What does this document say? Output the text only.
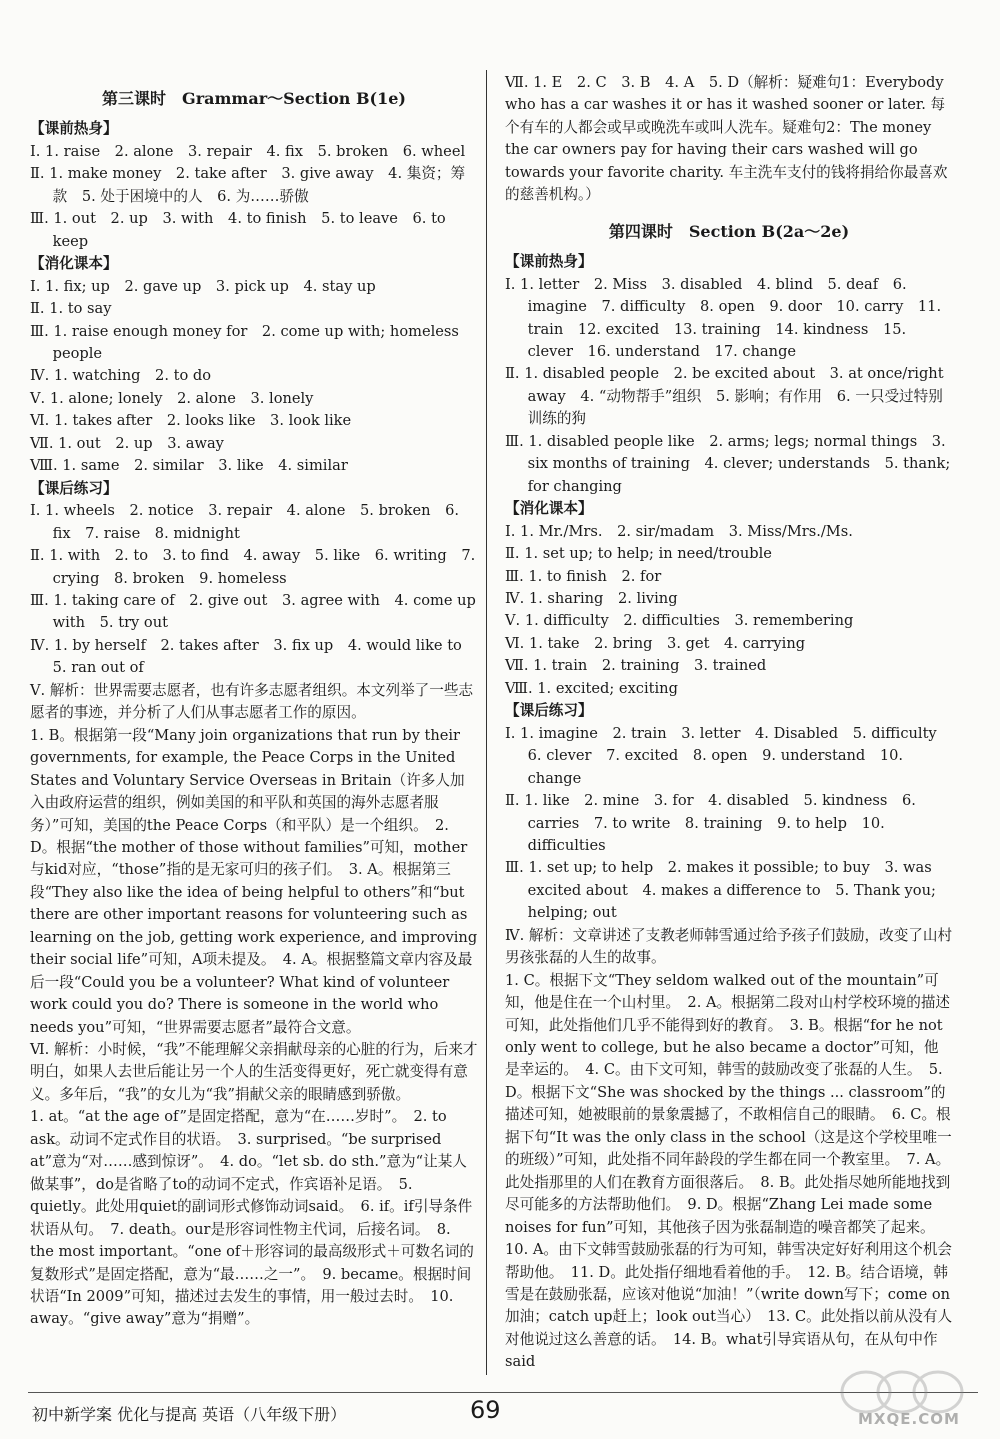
第三课时　Grammar～Section B(1e)

【课前热身】

Ⅰ. 1. raise　2. alone　3. repair　4. fix　5. broken　6. wheel

Ⅱ. 1. make money　2. take after　3. give away　4. 集资；筹款　5. 处于困境中的人　6. 为……骄傲

Ⅲ. 1. out　2. up　3. with　4. to finish　5. to leave　6. to keep

【消化课本】

Ⅰ. 1. fix; up　2. gave up　3. pick up　4. stay up

Ⅱ. 1. to say

Ⅲ. 1. raise enough money for　2. come up with; homeless people

Ⅳ. 1. watching　2. to do

Ⅴ. 1. alone; lonely　2. alone　3. lonely

Ⅵ. 1. takes after　2. looks like　3. look like

Ⅶ. 1. out　2. up　3. away

Ⅷ. 1. same　2. similar　3. like　4. similar

【课后练习】

Ⅰ. 1. wheels　2. notice　3. repair　4. alone　5. broken　6. fix　7. raise　8. midnight

Ⅱ. 1. with　2. to　3. to find　4. away　5. like　6. writing　7. crying　8. broken　9. homeless

Ⅲ. 1. taking care of　2. give out　3. agree with　4. come up with　5. try out

Ⅳ. 1. by herself　2. takes after　3. fix up　4. would like to　5. ran out of

Ⅴ. 解析：世界需要志愿者，也有许多志愿者组织。本文列举了一些志愿者的事迹，并分析了人们从事志愿者工作的原因。

1. B。根据第一段“Many join organizations that run by their governments, for example, the Peace Corps in the United States and Voluntary Service Overseas in Britain（许多人加入由政府运营的组织，例如美国的和平队和英国的海外志愿者服务）”可知，美国的the Peace Corps（和平队）是一个组织。　2. D。根据“the mother of those without families”可知，mother与kid对应，“those”指的是无家可归的孩子们。　3. A。根据第三段“They also like the idea of being helpful to others”和“but there are other important reasons for volunteering such as learning on the job, getting work experience, and improving their social life”可知，A项未提及。　4. A。根据整篇文章内容及最后一段“Could you be a volunteer? What kind of volunteer work could you do? There is someone in the world who needs you”可知，“世界需要志愿者”最符合文意。

Ⅵ. 解析：小时候，“我”不能理解父亲捐献母亲的心脏的行为，后来才明白，如果人去世后能让另一个人的生活变得更好，死亡就变得有意义。多年后，“我”的女儿为“我”捐献父亲的眼睛感到骄傲。

1. at。“at the age of”是固定搭配，意为“在……岁时”。　2. to ask。动词不定式作目的状语。　3. surprised。“be surprised at”意为“对……感到惊讶”。　4. do。“let sb. do sth.”意为“让某人做某事”，do是省略了to的动词不定式，作宾语补足语。　5. quietly。此处用quiet的副词形式修饰动词said。　6. if。if引导条件状语从句。　7. death。our是形容词性物主代词，后接名词。　8. the most important。“one of＋形容词的最高级形式＋可数名词的复数形式”是固定搭配，意为“最……之一”。　9. became。根据时间状语“In 2009”可知，描述过去发生的事情，用一般过去时。　10. away。“give away”意为“捐赠”。

Ⅶ. 1. E　2. C　3. B　4. A　5. D（解析：疑难句1：Everybody who has a car washes it or has it washed sooner or later. 每个有车的人都会或早或晚洗车或叫人洗车。疑难句2：The money the car owners pay for having their cars washed will go towards your favorite charity. 车主洗车支付的钱将捐给你最喜欢的慈善机构。）

第四课时　Section B(2a～2e)

【课前热身】

Ⅰ. 1. letter　2. Miss　3. disabled　4. blind　5. deaf　6. imagine　7. difficulty　8. open　9. door　10. carry　11. train　12. excited　13. training　14. kindness　15. clever　16. understand　17. change

Ⅱ. 1. disabled people　2. be excited about　3. at once/right away　4. “动物帮手”组织　5. 影响；有作用　6. 一只受过特别训练的狗

Ⅲ. 1. disabled people like　2. arms; legs; normal things　3. six months of training　4. clever; understands　5. thank; for changing

【消化课本】

Ⅰ. 1. Mr./Mrs.　2. sir/madam　3. Miss/Mrs./Ms.

Ⅱ. 1. set up; to help; in need/trouble

Ⅲ. 1. to finish　2. for

Ⅳ. 1. sharing　2. living

Ⅴ. 1. difficulty　2. difficulties　3. remembering

Ⅵ. 1. take　2. bring　3. get　4. carrying

Ⅶ. 1. train　2. training　3. trained

Ⅷ. 1. excited; exciting

【课后练习】

Ⅰ. 1. imagine　2. train　3. letter　4. Disabled　5. difficulty　6. clever　7. excited　8. open　9. understand　10. change

Ⅱ. 1. like　2. mine　3. for　4. disabled　5. kindness　6. carries　7. to write　8. training　9. to help　10. difficulties

Ⅲ. 1. set up; to help　2. makes it possible; to buy　3. was excited about　4. makes a difference to　5. Thank you; helping; out

Ⅳ. 解析：文章讲述了支教老师韩雪通过给予孩子们鼓励，改变了山村男孩张磊的人生的故事。

1. C。根据下文“They seldom walked out of the mountain”可知，他是住在一个山村里。　2. A。根据第二段对山村学校环境的描述可知，此处指他们几乎不能得到好的教育。　3. B。根据“for he not only went to college, but he also became a doctor”可知，他是幸运的。　4. C。由下文可知，韩雪的鼓励改变了张磊的人生。　5. D。根据下文“She was shocked by the things ... classroom”的描述可知，她被眼前的景象震撼了，不敢相信自己的眼睛。　6. C。根据下句“It was the only class in the school（这是这个学校里唯一的班级）”可知，此处指不同年龄段的学生都在同一个教室里。　7. A。此处指那里的人们在教育方面很落后。　8. B。此处指尽她所能地找到尽可能多的方法帮助他们。　9. D。根据“Zhang Lei made some noises for fun”可知，其他孩子因为张磊制造的噪音都笑了起来。　10. A。由下文韩雪鼓励张磊的行为可知，韩雪决定好好利用这个机会帮助他。　11. D。此处指仔细地看着他的手。　12. B。结合语境，韩雪是在鼓励张磊，应该对他说“加油！”（write down写下；come on加油；catch up赶上；look out当心）　13. C。此处指以前从没有人对他说过这么善意的话。　14. B。what引导宾语从句，在从句中作said

初中新学案 优化与提高 英语（八年级下册）	69	MXQE.COM
